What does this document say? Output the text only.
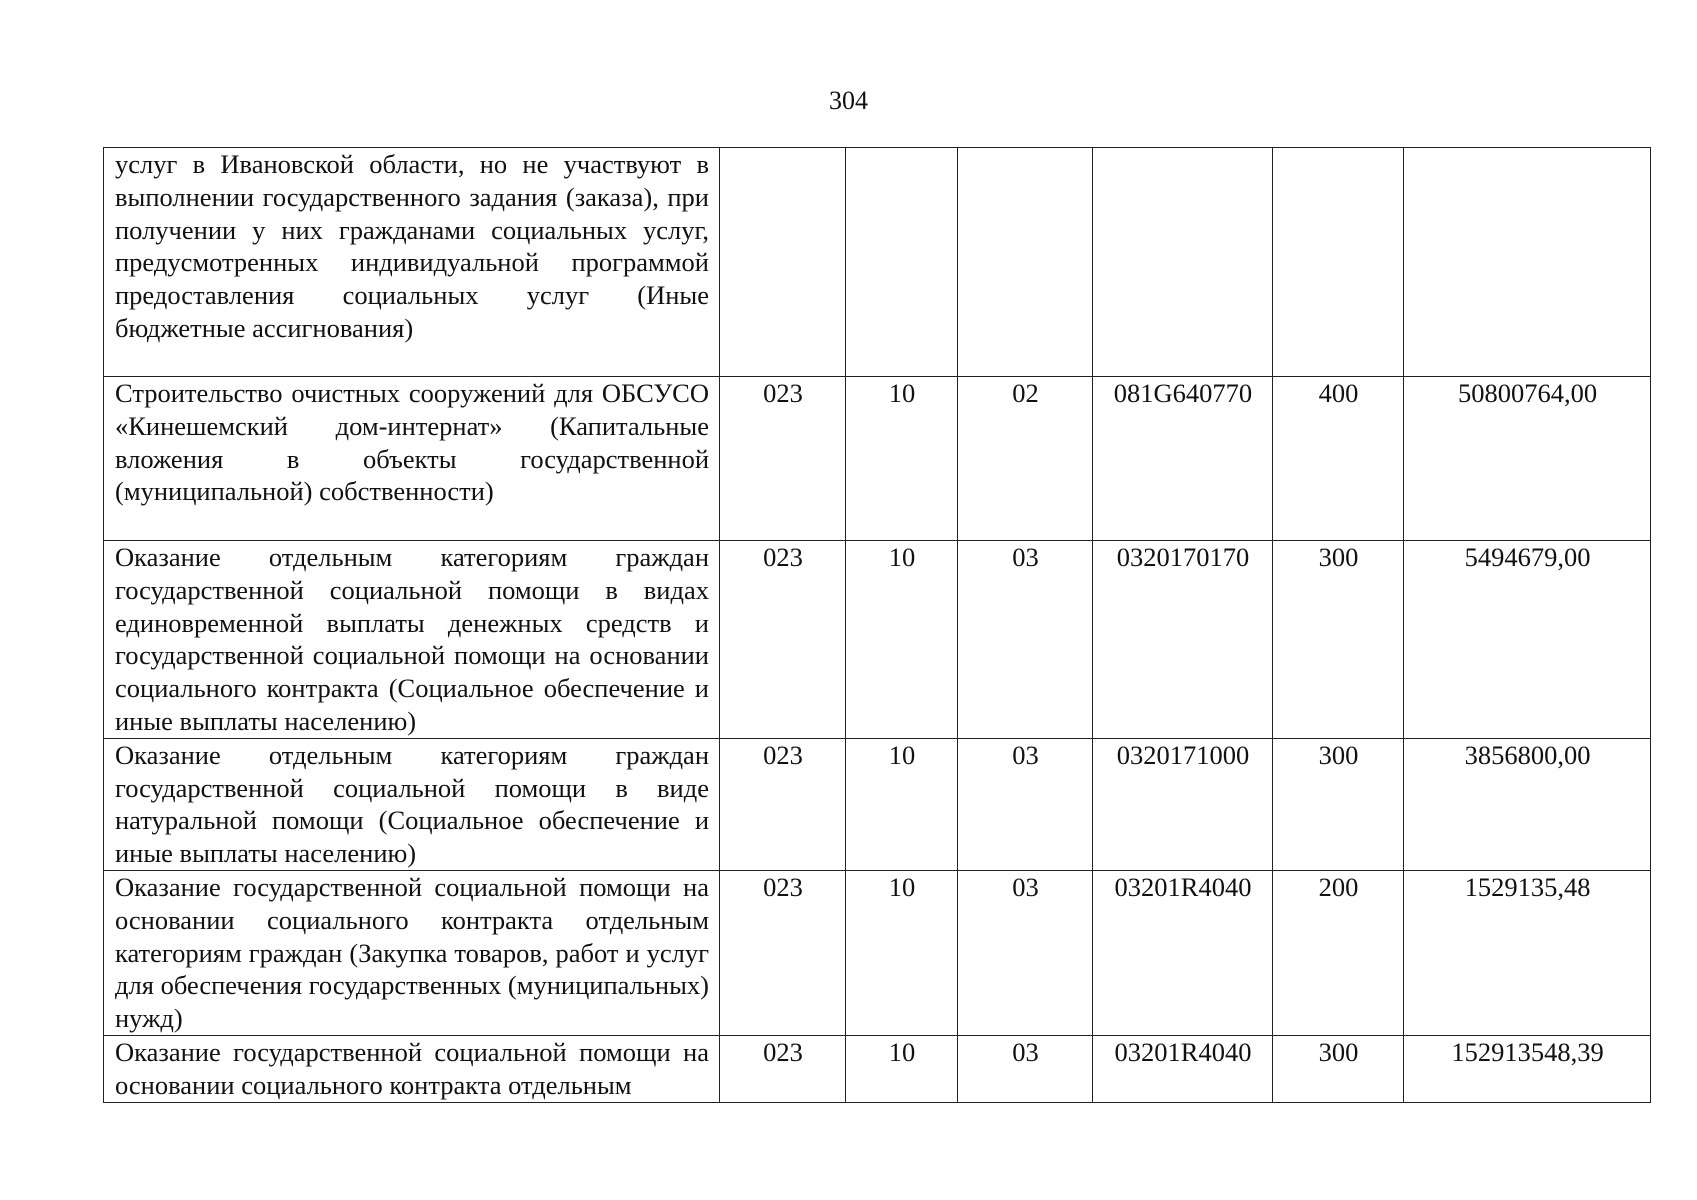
304
услуг в Ивановской области, но не участвуют в выполнении государственного задания (заказа), при получении у них гражданами социальных услуг, предусмотренных индивидуальной программой предоставления социальных услуг (Иные бюджетные ассигнования)						
Строительство очистных сооружений для ОБСУСО «Кинешемский дом-интернат» (Капитальные вложения в объекты государственной (муниципальной) собственности)	023	10	02	081G640770	400	50800764,00
Оказание отдельным категориям граждан государственной социальной помощи в видах единовременной выплаты денежных средств и государственной социальной помощи на основании социального контракта (Социальное обеспечение и иные выплаты населению)	023	10	03	0320170170	300	5494679,00
Оказание отдельным категориям граждан государственной социальной помощи в виде натуральной помощи (Социальное обеспечение и иные выплаты населению)	023	10	03	0320171000	300	3856800,00
Оказание государственной социальной помощи на основании социального контракта отдельным категориям граждан (Закупка товаров, работ и услуг для обеспечения государственных (муниципальных) нужд)	023	10	03	03201R4040	200	1529135,48
Оказание государственной социальной помощи на основании социального контракта отдельным	023	10	03	03201R4040	300	152913548,39
